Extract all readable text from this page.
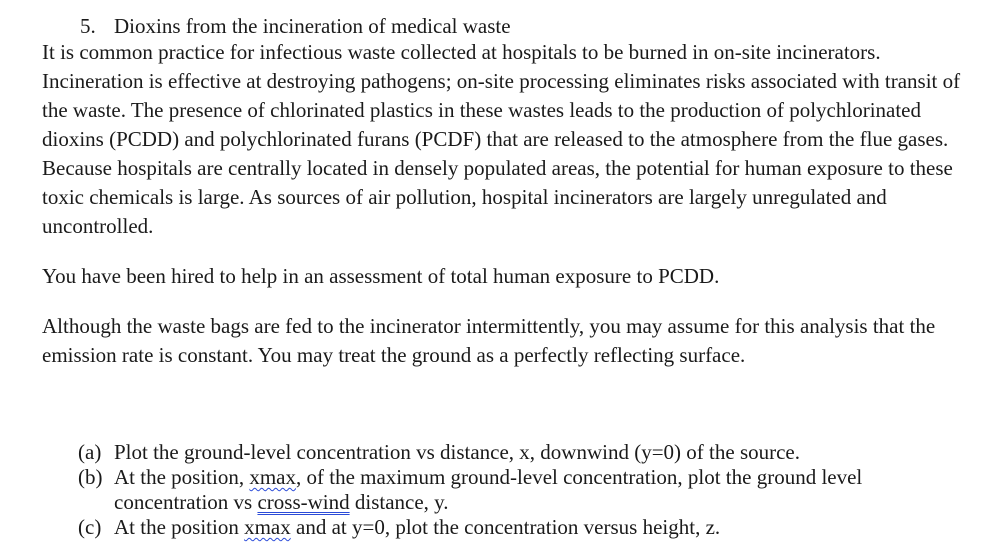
5. Dioxins from the incineration of medical waste

It is common practice for infectious waste collected at hospitals to be burned in on-site incinerators. Incineration is effective at destroying pathogens; on-site processing eliminates risks associated with transit of the waste. The presence of chlorinated plastics in these wastes leads to the production of polychlorinated dioxins (PCDD) and polychlorinated furans (PCDF) that are released to the atmosphere from the flue gases. Because hospitals are centrally located in densely populated areas, the potential for human exposure to these toxic chemicals is large. As sources of air pollution, hospital incinerators are largely unregulated and uncontrolled.

You have been hired to help in an assessment of total human exposure to PCDD.

Although the waste bags are fed to the incinerator intermittently, you may assume for this analysis that the emission rate is constant. You may treat the ground as a perfectly reflecting surface.

(a) Plot the ground-level concentration vs distance, x, downwind (y=0) of the source.
(b) At the position, xmax, of the maximum ground-level concentration, plot the ground level concentration vs cross-wind distance, y.
(c) At the position xmax and at y=0, plot the concentration versus height, z.
